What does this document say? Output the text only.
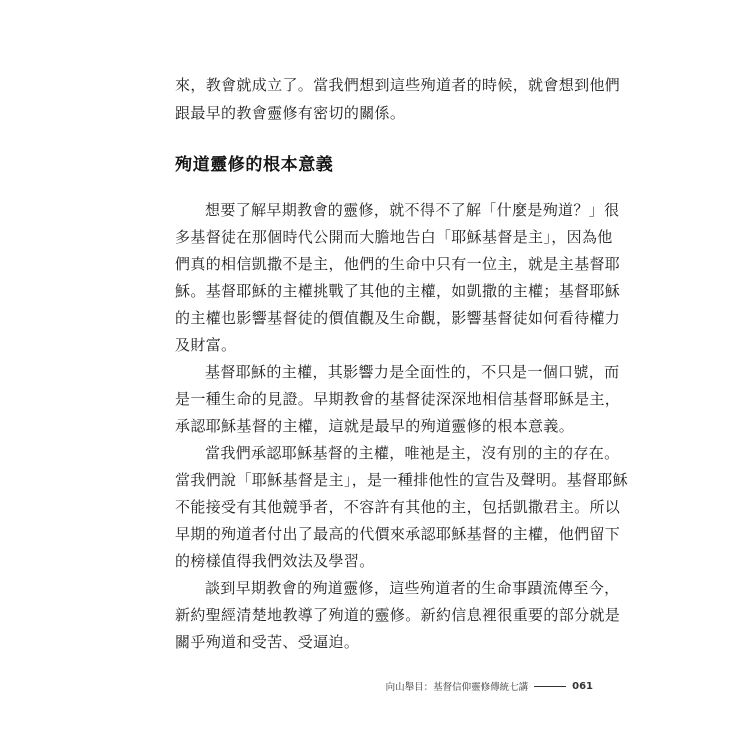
來，教會就成立了。當我們想到這些殉道者的時候，就會想到他們
跟最早的教會靈修有密切的關係。
殉道靈修的根本意義
想要了解早期教會的靈修，就不得不了解「什麼是殉道？」很
多基督徒在那個時代公開而大膽地告白「耶穌基督是主」，因為他
們真的相信凱撒不是主，他們的生命中只有一位主，就是主基督耶
穌。基督耶穌的主權挑戰了其他的主權，如凱撒的主權；基督耶穌
的主權也影響基督徒的價值觀及生命觀，影響基督徒如何看待權力
及財富。
基督耶穌的主權，其影響力是全面性的，不只是一個口號，而
是一種生命的見證。早期教會的基督徒深深地相信基督耶穌是主，
承認耶穌基督的主權，這就是最早的殉道靈修的根本意義。
當我們承認耶穌基督的主權，唯祂是主，沒有別的主的存在。
當我們說「耶穌基督是主」，是一種排他性的宣告及聲明。基督耶穌
不能接受有其他競爭者，不容許有其他的主，包括凱撒君主。所以
早期的殉道者付出了最高的代價來承認耶穌基督的主權，他們留下
的榜樣值得我們效法及學習。
談到早期教會的殉道靈修，這些殉道者的生命事蹟流傳至今，
新約聖經清楚地教導了殉道的靈修。新約信息裡很重要的部分就是
關乎殉道和受苦、受逼迫。
向山舉目：基督信仰靈修傳統七講	061
